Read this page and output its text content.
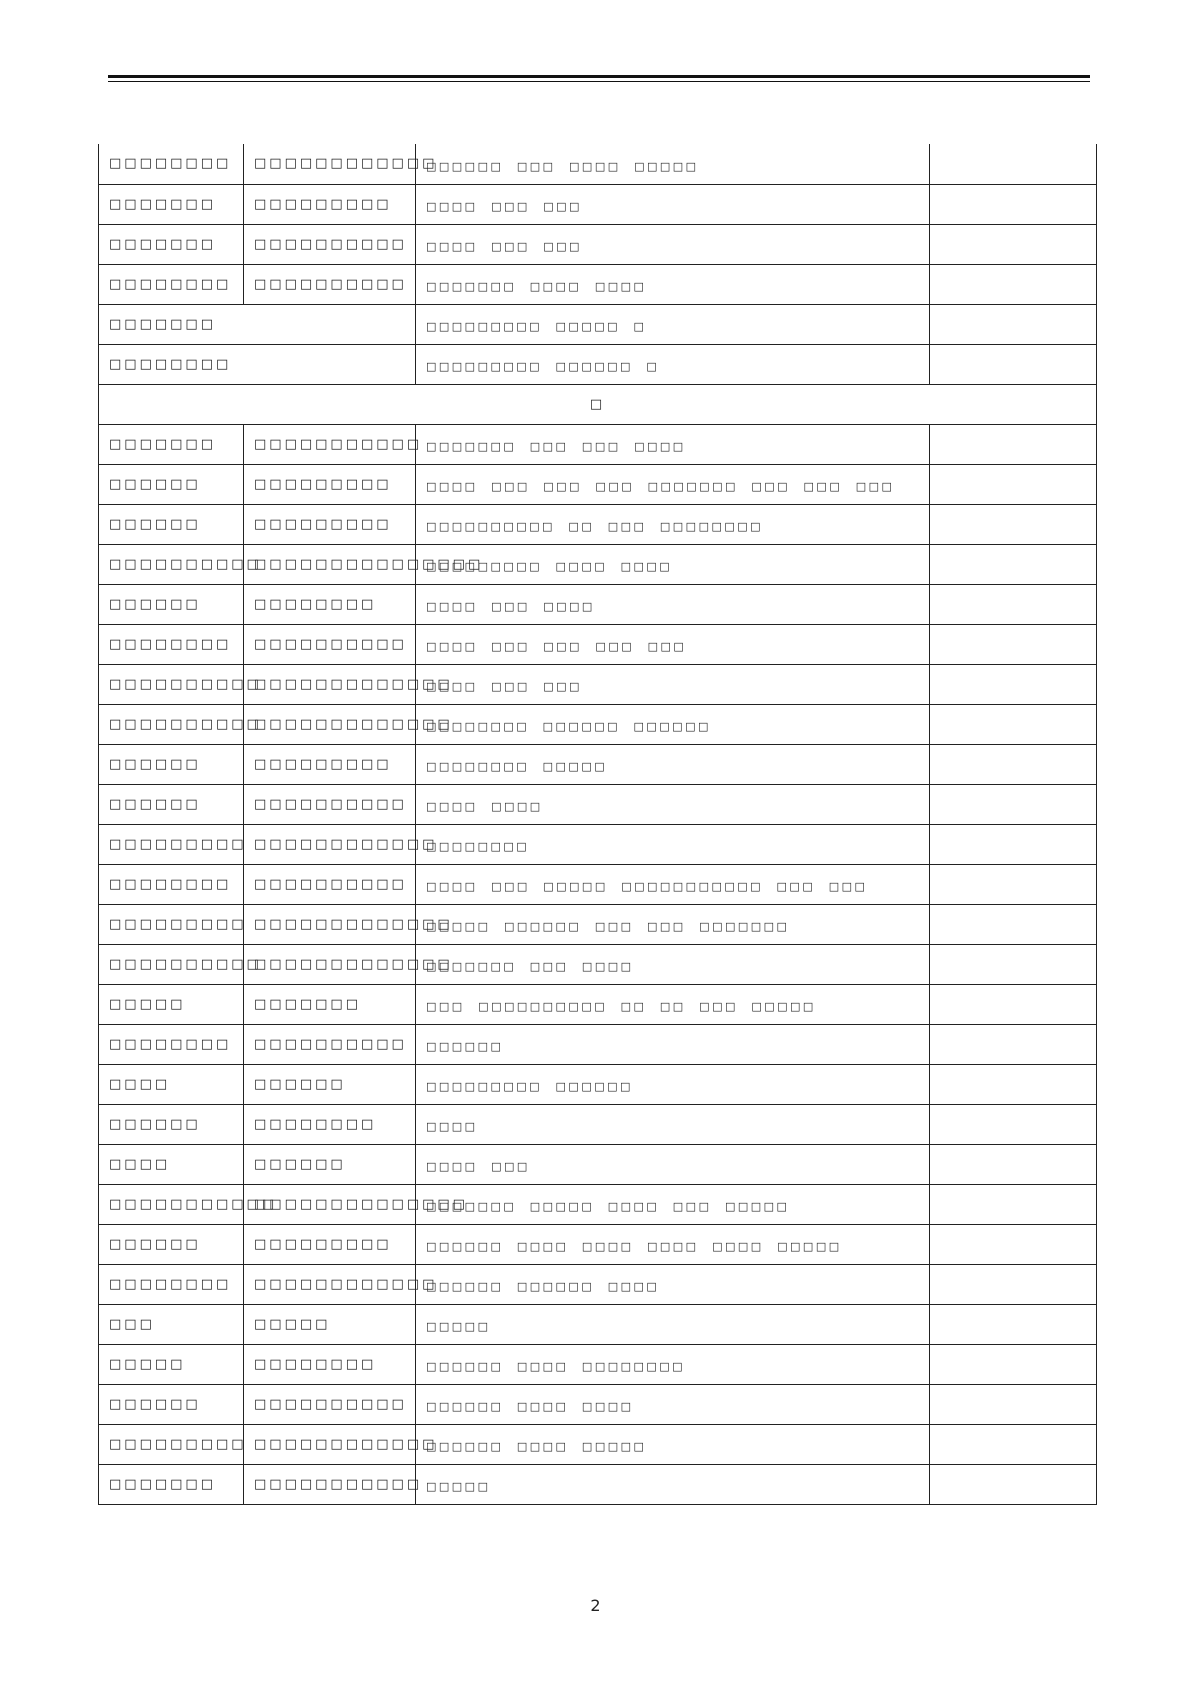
□□□□□□□□	□□□□□□□□□□□□	□□□□□□　□□□　□□□□　□□□□□	
□□□□□□□	□□□□□□□□□	□□□□　□□□　□□□	
□□□□□□□	□□□□□□□□□□	□□□□　□□□　□□□	
□□□□□□□□	□□□□□□□□□□	□□□□□□□　□□□□　□□□□	
□□□□□□□		□□□□□□□□□　□□□□□　□	
□□□□□□□□		□□□□□□□□□　□□□□□□　□	
□			
□□□□□□□	□□□□□□□□□□□	□□□□□□□　□□□　□□□　□□□□	
□□□□□□	□□□□□□□□□	□□□□　□□□　□□□　□□□　□□□□□□□　□□□　□□□　□□□	
□□□□□□	□□□□□□□□□	□□□□□□□□□□　□□　□□□　□□□□□□□□	
□□□□□□□□□□	□□□□□□□□□□□□□□□	□□□□□□□□□　□□□□　□□□□	
□□□□□□	□□□□□□□□	□□□□　□□□　□□□□	
□□□□□□□□	□□□□□□□□□□	□□□□　□□□　□□□　□□□　□□□	
□□□□□□□□□□	□□□□□□□□□□□□□	□□□□　□□□　□□□	
□□□□□□□□□□	□□□□□□□□□□□□□	□□□□□□□□　□□□□□□　□□□□□□	
□□□□□□	□□□□□□□□□	□□□□□□□□　□□□□□	
□□□□□□	□□□□□□□□□□	□□□□　□□□□	
□□□□□□□□□	□□□□□□□□□□□□	□□□□□□□□	
□□□□□□□□	□□□□□□□□□□	□□□□　□□□　□□□□□　□□□□□□□□□□□　□□□　□□□	
□□□□□□□□□	□□□□□□□□□□□□□	□□□□□　□□□□□□　□□□　□□□　□□□□□□□	
□□□□□□□□□□	□□□□□□□□□□□□□	□□□□□□□　□□□　□□□□	
□□□□□	□□□□□□□	□□□　□□□□□□□□□□　□□　□□　□□□　□□□□□	
□□□□□□□□	□□□□□□□□□□	□□□□□□	
□□□□	□□□□□□	□□□□□□□□□　□□□□□□	
□□□□□□	□□□□□□□□	□□□□	
□□□□	□□□□□□	□□□□　□□□	
□□□□□□□□□□□	□□□□□□□□□□□□□□	□□□□□□□　□□□□□　□□□□　□□□　□□□□□	
□□□□□□	□□□□□□□□□	□□□□□□　□□□□　□□□□　□□□□　□□□□　□□□□□	
□□□□□□□□	□□□□□□□□□□□□	□□□□□□　□□□□□□　□□□□	
□□□	□□□□□	□□□□□	
□□□□□	□□□□□□□□	□□□□□□　□□□□　□□□□□□□□	
□□□□□□	□□□□□□□□□□	□□□□□□　□□□□　□□□□	
□□□□□□□□□	□□□□□□□□□□□□	□□□□□□　□□□□　□□□□□	
□□□□□□□	□□□□□□□□□□□	□□□□□	
2
